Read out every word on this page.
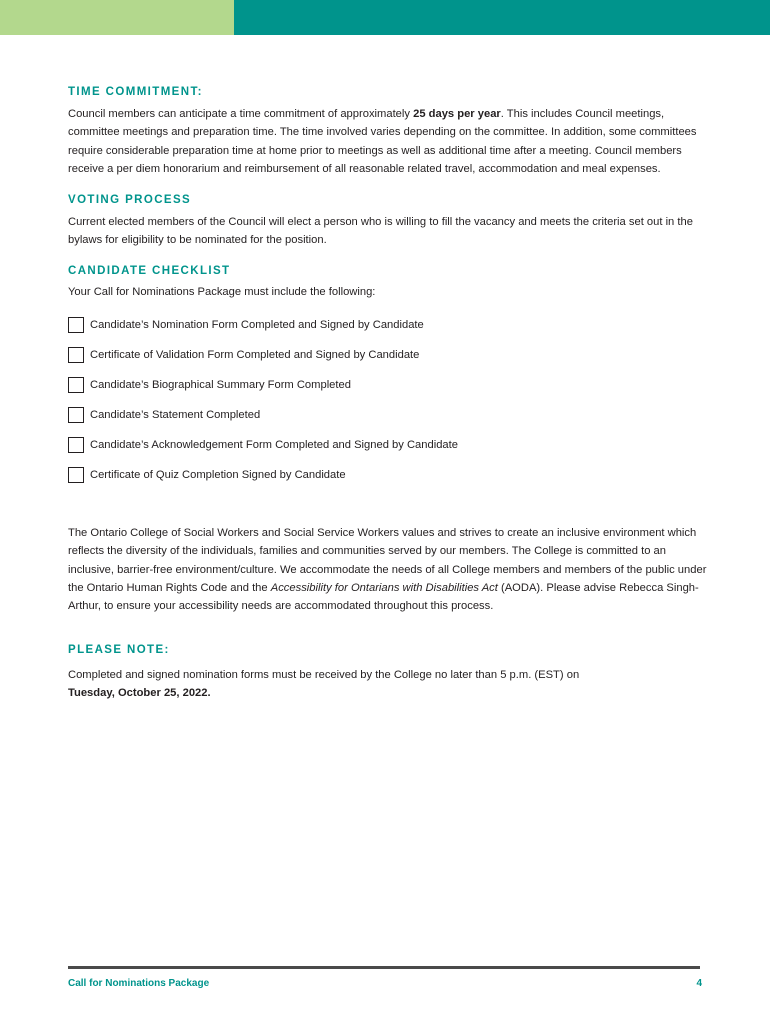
TIME COMMITMENT:

Council members can anticipate a time commitment of approximately 25 days per year. This includes Council meetings, committee meetings and preparation time. The time involved varies depending on the committee. In addition, some committees require considerable preparation time at home prior to meetings as well as additional time after a meeting. Council members receive a per diem honorarium and reimbursement of all reasonable related travel, accommodation and meal expenses.

VOTING PROCESS

Current elected members of the Council will elect a person who is willing to fill the vacancy and meets the criteria set out in the bylaws for eligibility to be nominated for the position.

CANDIDATE CHECKLIST

Your Call for Nominations Package must include the following:

Candidate’s Nomination Form Completed and Signed by Candidate
Certificate of Validation Form Completed and Signed by Candidate
Candidate’s Biographical Summary Form Completed
Candidate’s Statement Completed
Candidate’s Acknowledgement Form Completed and Signed by Candidate
Certificate of Quiz Completion Signed by Candidate

The Ontario College of Social Workers and Social Service Workers values and strives to create an inclusive environment which reflects the diversity of the individuals, families and communities served by our members. The College is committed to an inclusive, barrier-free environment/culture. We accommodate the needs of all College members and members of the public under the Ontario Human Rights Code and the Accessibility for Ontarians with Disabilities Act (AODA). Please advise Rebecca Singh-Arthur, to ensure your accessibility needs are accommodated throughout this process.

PLEASE NOTE:

Completed and signed nomination forms must be received by the College no later than 5 p.m. (EST) on

Tuesday, October 25, 2022.

Call for Nominations Package	4
